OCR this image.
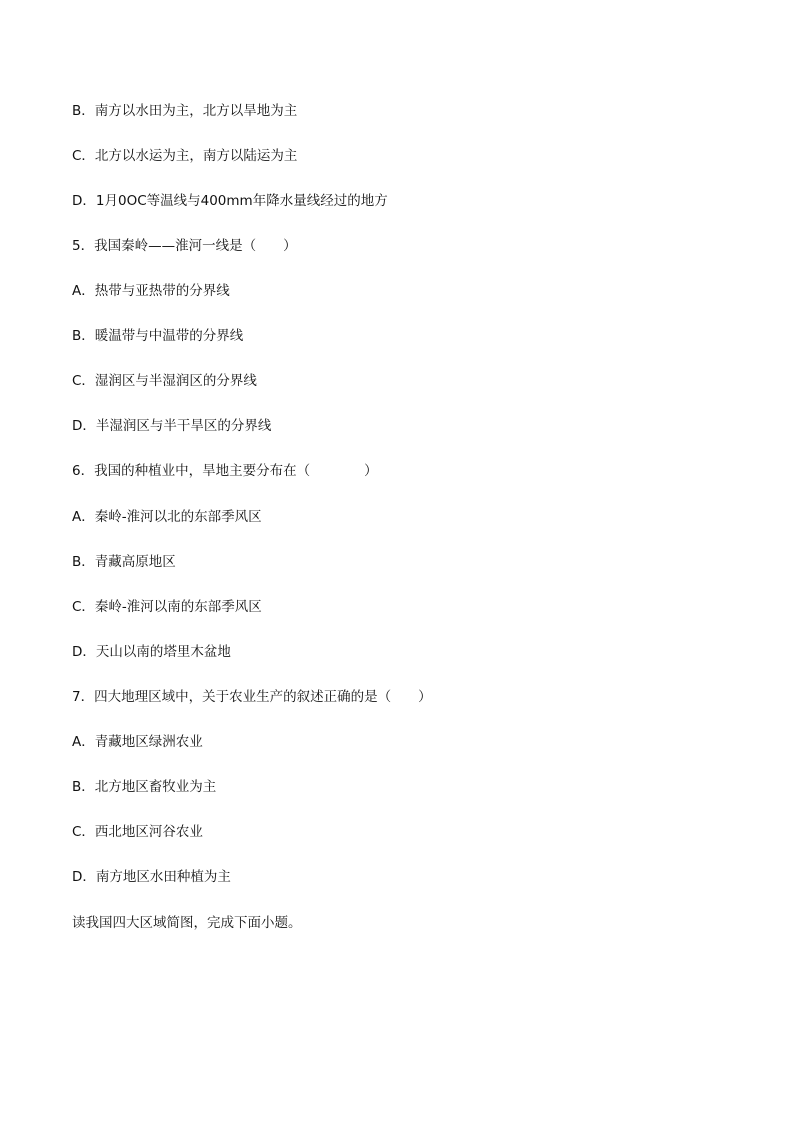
B．南方以水田为主，北方以旱地为主
C．北方以水运为主，南方以陆运为主
D．1月0OC等温线与400mm年降水量线经过的地方
5．我国秦岭——淮河一线是（　　）
A．热带与亚热带的分界线
B．暖温带与中温带的分界线
C．湿润区与半湿润区的分界线
D．半湿润区与半干旱区的分界线
6．我国的种植业中，旱地主要分布在（　　　　）
A．秦岭-淮河以北的东部季风区
B．青藏高原地区
C．秦岭-淮河以南的东部季风区
D．天山以南的塔里木盆地
7．四大地理区域中，关于农业生产的叙述正确的是（　　）
A．青藏地区绿洲农业
B．北方地区畜牧业为主
C．西北地区河谷农业
D．南方地区水田种植为主
读我国四大区域简图，完成下面小题。
